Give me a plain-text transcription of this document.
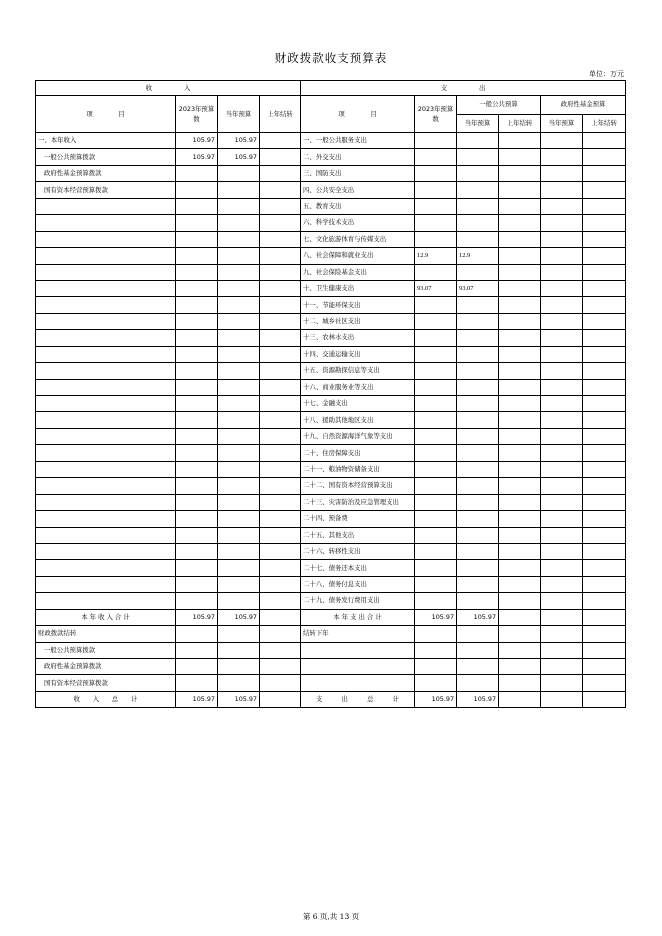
财政拨款收支预算表
单位：万元
收　　　　　入				支　　　　　出					
项　　　　目	2023年预算数	当年预算	上年结转	项　　　　目	2023年预算数	一般公共预算		政府性基金预算	
						当年预算	上年结转	当年预算	上年结转
一、本年收入	105.97	105.97		一、一般公共服务支出					
一般公共预算拨款	105.97	105.97		二、外交支出					
政府性基金预算拨款				三、国防支出					
国有资本经营预算拨款				四、公共安全支出					
				五、教育支出					
				六、科学技术支出					
				七、文化旅游体育与传媒支出					
				八、社会保障和就业支出	12.9	12.9			
				九、社会保险基金支出					
				十、卫生健康支出	93.07	93.07			
				十一、节能环保支出					
				十二、城乡社区支出					
				十三、农林水支出					
				十四、交通运输支出					
				十五、资源勘探信息等支出					
				十六、商业服务业等支出					
				十七、金融支出					
				十八、援助其他地区支出					
				十九、自然资源海洋气象等支出					
				二十、住房保障支出					
				二十一、粮油物资储备支出					
				二十二、国有资本经营预算支出					
				二十三、灾害防治及应急管理支出					
				二十四、预备费					
				二十五、其他支出					
				二十六、转移性支出					
				二十七、债务还本支出					
				二十八、债务付息支出					
				二十九、债务发行费用支出					
本 年 收 入 合 计	105.97	105.97		本 年 支 出 合 计	105.97	105.97			
财政拨款结转				结转下年					
一般公共预算拨款									
政府性基金预算拨款									
国有资本经营预算拨款									
收　　入　　总　　计	105.97	105.97		支　　　出　　　总　　　计	105.97	105.97			
第 6 页,共 13 页
